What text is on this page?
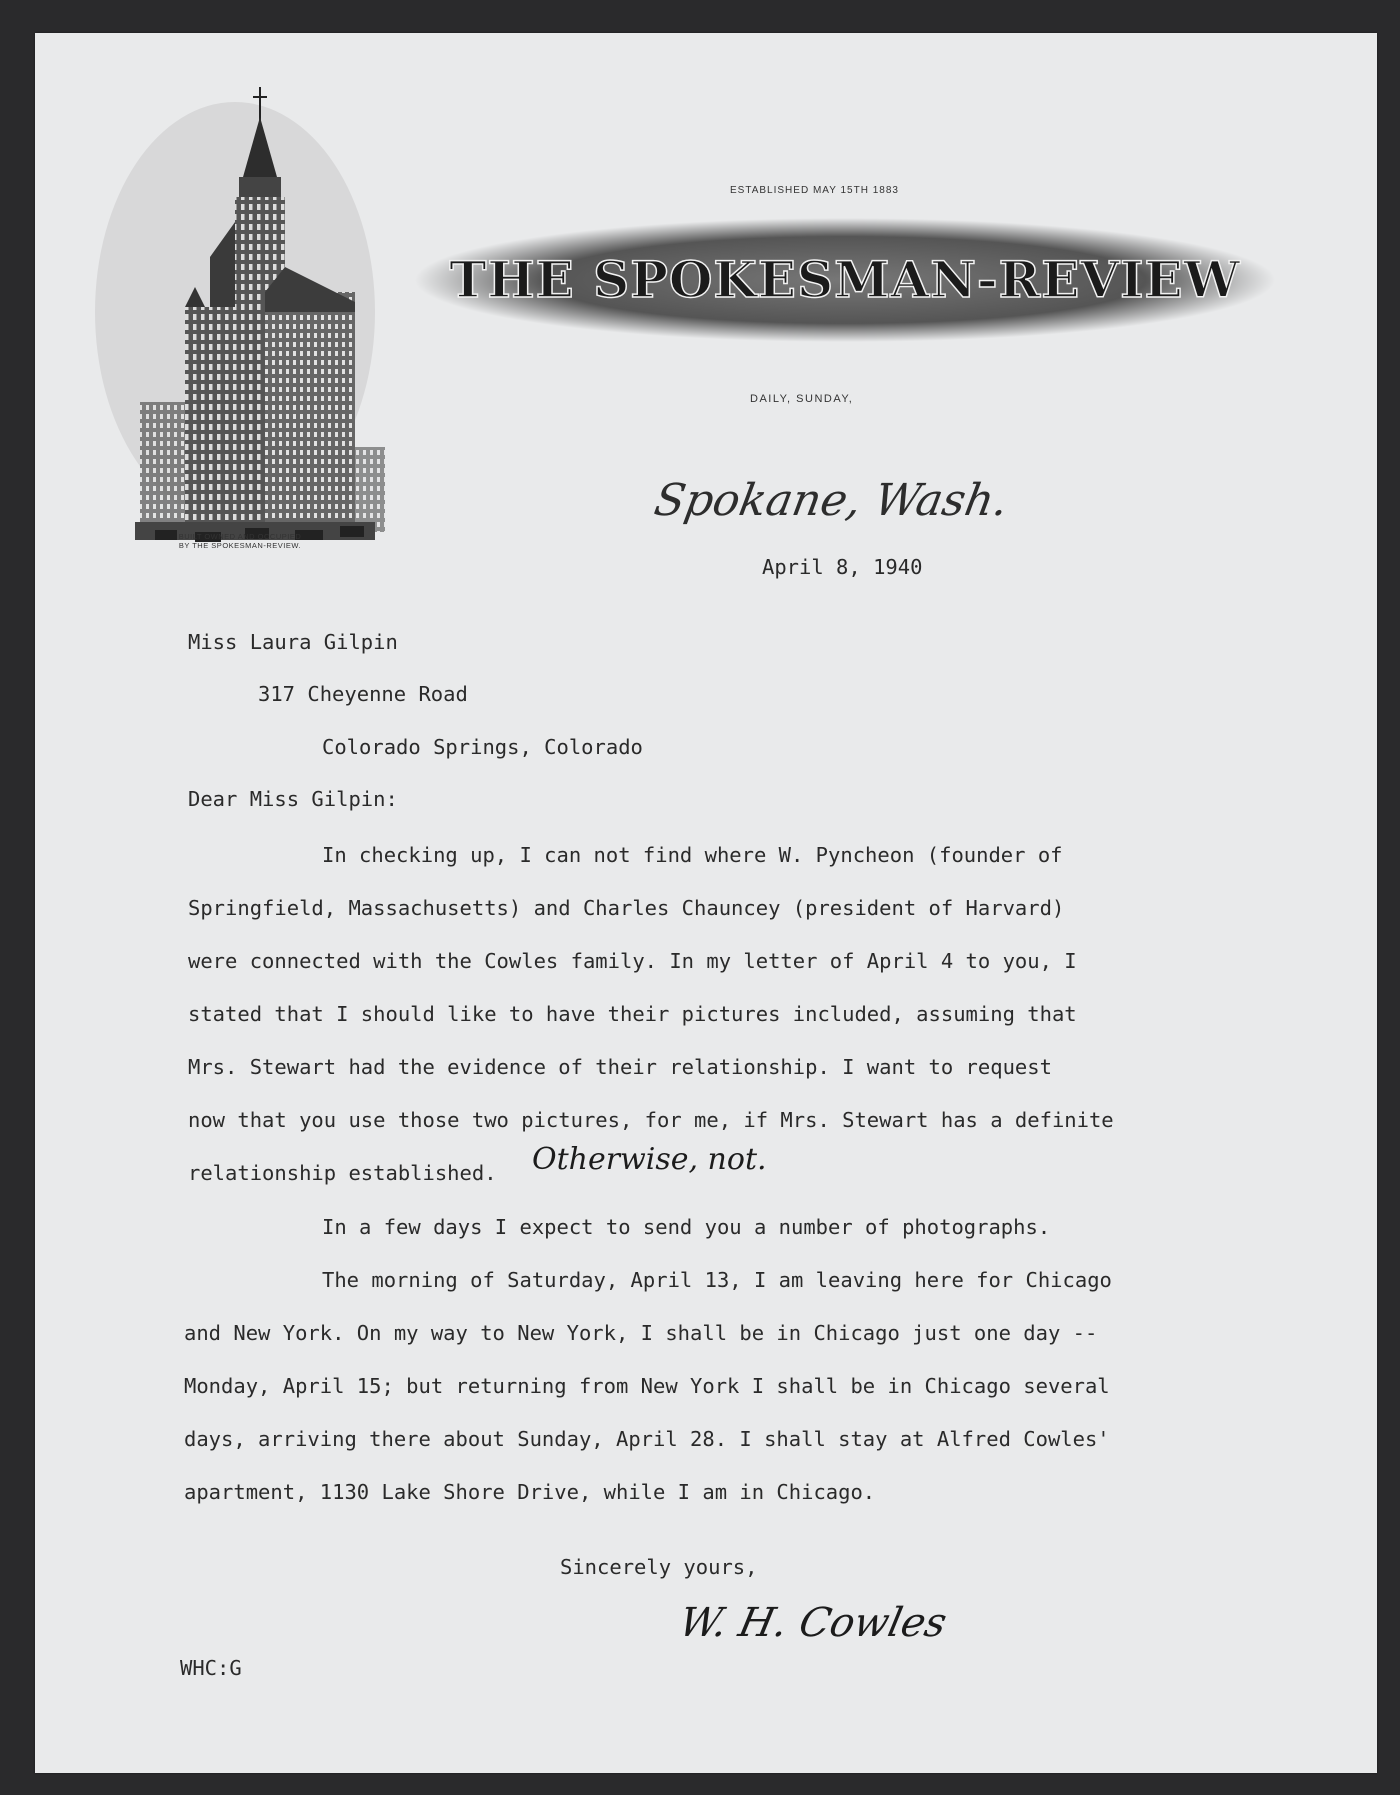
BUILT OWNED AND OCCUPIED
BY THE SPOKESMAN-REVIEW.
ESTABLISHED MAY 15TH 1883
THE SPOKESMAN-REVIEW
DAILY, SUNDAY,
Spokane, Wash.
April 8, 1940
Miss Laura Gilpin
317 Cheyenne Road
Colorado Springs, Colorado
Dear Miss Gilpin:
In checking up, I can not find where W. Pyncheon (founder of
Springfield, Massachusetts) and Charles Chauncey (president of Harvard)
were connected with the Cowles family. In my letter of April 4 to you, I
stated that I should like to have their pictures included, assuming that
Mrs. Stewart had the evidence of their relationship. I want to request
now that you use those two pictures, for me, if Mrs. Stewart has a definite
relationship established. Otherwise, not.
In a few days I expect to send you a number of photographs.
The morning of Saturday, April 13, I am leaving here for Chicago
and New York. On my way to New York, I shall be in Chicago just one day --
Monday, April 15; but returning from New York I shall be in Chicago several
days, arriving there about Sunday, April 28. I shall stay at Alfred Cowles'
apartment, 1130 Lake Shore Drive, while I am in Chicago.
Sincerely yours,
W. H. Cowles
WHC:G
